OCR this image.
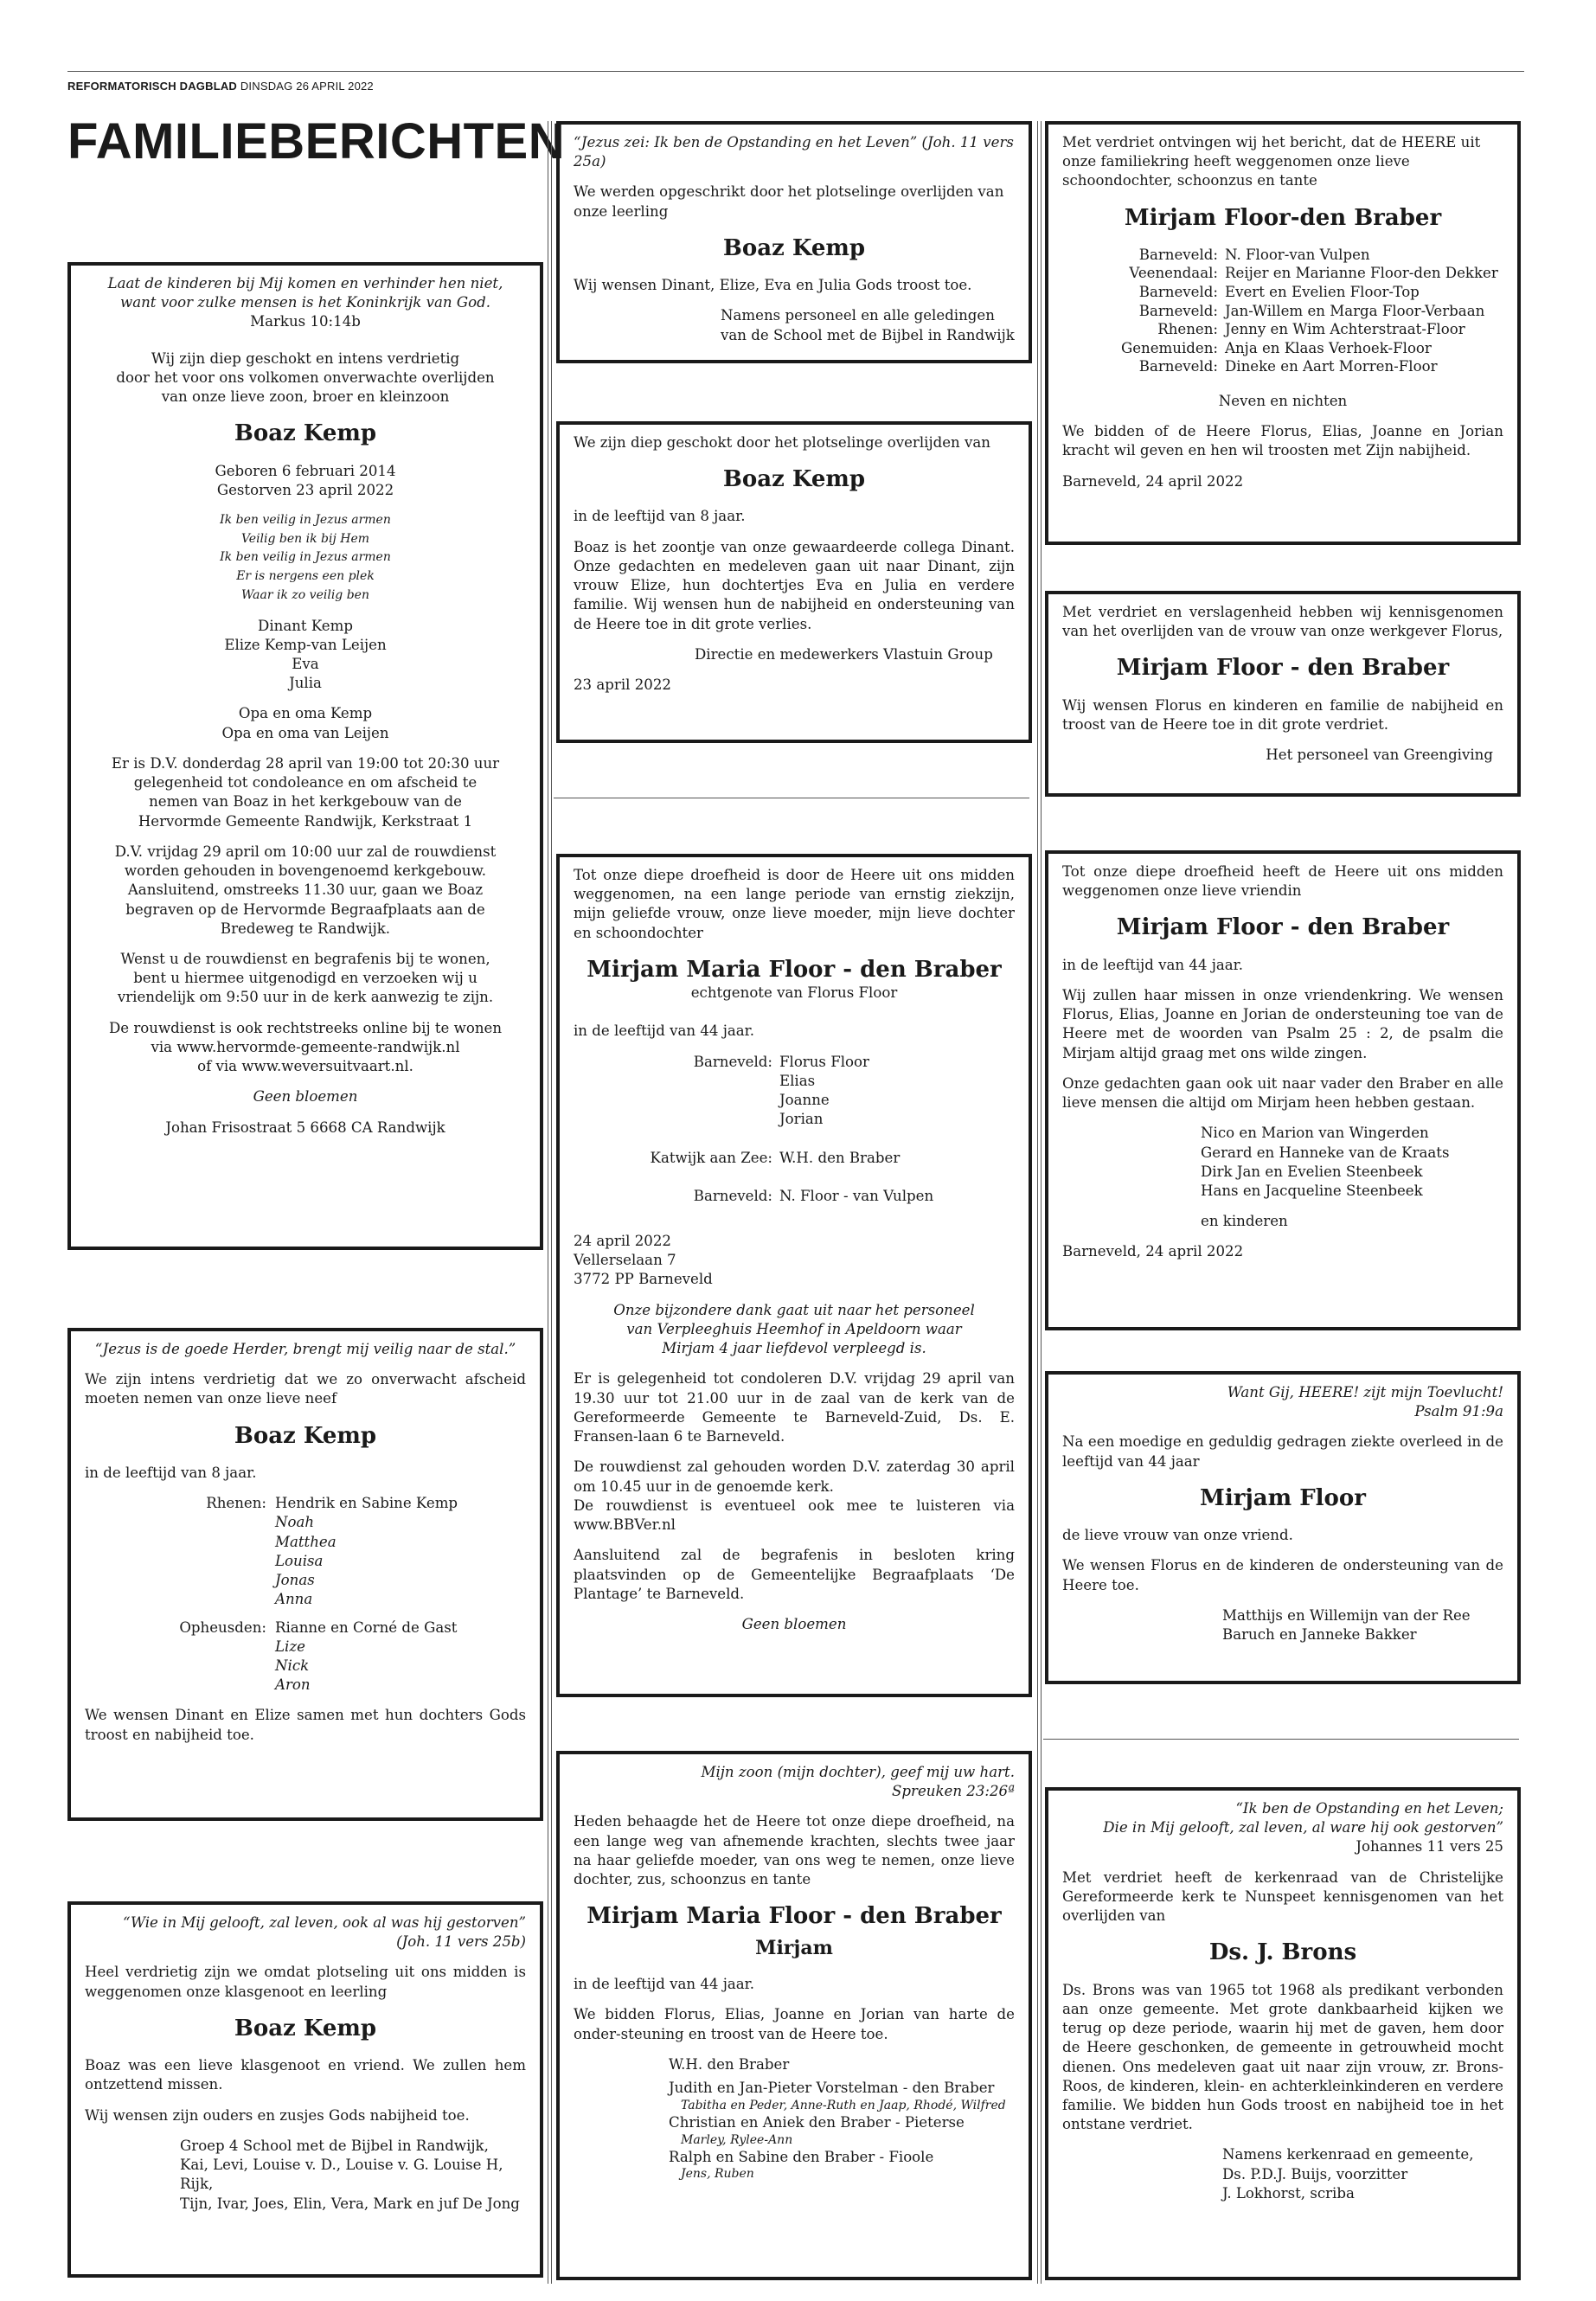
REFORMATORISCH DAGBLAD DINSDAG 26 APRIL 2022
FAMILIEBERICHTEN

Laat de kinderen bij Mij komen en verhinder hen niet,
want voor zulke mensen is het Koninkrijk van God.

Markus 10:14b

Wij zijn diep geschokt en intens verdrietig
door het voor ons volkomen onverwachte overlijden
van onze lieve zoon, broer en kleinzoon

Boaz Kemp

Geboren 6 februari 2014
Gestorven 23 april 2022

Ik ben veilig in Jezus armen
Veilig ben ik bij Hem
Ik ben veilig in Jezus armen
Er is nergens een plek
Waar ik zo veilig ben

Dinant Kemp
Elize Kemp-van Leijen
Eva
Julia

Opa en oma Kemp
Opa en oma van Leijen

Er is D.V. donderdag 28 april van 19:00 tot 20:30 uur
gelegenheid tot condoleance en om afscheid te
nemen van Boaz in het kerkgebouw van de
Hervormde Gemeente Randwijk, Kerkstraat 1

D.V. vrijdag 29 april om 10:00 uur zal de rouwdienst
worden gehouden in bovengenoemd kerkgebouw.
Aansluitend, omstreeks 11.30 uur, gaan we Boaz
begraven op de Hervormde Begraafplaats aan de
Bredeweg te Randwijk.

Wenst u de rouwdienst en begrafenis bij te wonen,
bent u hiermee uitgenodigd en verzoeken wij u
vriendelijk om 9:50 uur in de kerk aanwezig te zijn.

De rouwdienst is ook rechtstreeks online bij te wonen
via www.hervormde-gemeente-randwijk.nl
of via www.weversuitvaart.nl.

Geen bloemen

Johan Frisostraat 5 6668 CA Randwijk

“Jezus is de goede Herder, brengt mij veilig naar de stal.”

We zijn intens verdrietig dat we zo onverwacht afscheid moeten nemen van onze lieve neef

Boaz Kemp

in de leeftijd van 8 jaar.

Rhenen: Hendrik en Sabine Kemp
Noah
Matthea
Louisa
Jonas
Anna
Opheusden: Rianne en Corné de Gast
Lize
Nick
Aron

We wensen Dinant en Elize samen met hun dochters Gods troost en nabijheid toe.

“Wie in Mij gelooft, zal leven, ook al was hij gestorven”

(Joh. 11 vers 25b)

Heel verdrietig zijn we omdat plotseling uit ons midden is weggenomen onze klasgenoot en leerling

Boaz Kemp

Boaz was een lieve klasgenoot en vriend. We zullen hem ontzettend missen.

Wij wensen zijn ouders en zusjes Gods nabijheid toe.

Groep 4 School met de Bijbel in Randwijk,
Kai, Levi, Louise v. D., Louise v. G. Louise H, Rijk,
Tijn, Ivar, Joes, Elin, Vera, Mark en juf De Jong

“Jezus zei: Ik ben de Opstanding en het Leven” (Joh. 11 vers 25a)

We werden opgeschrikt door het plotselinge overlijden van onze leerling

Boaz Kemp

Wij wensen Dinant, Elize, Eva en Julia Gods troost toe.

Namens personeel en alle geledingen
van de School met de Bijbel in Randwijk

We zijn diep geschokt door het plotselinge overlijden van

Boaz Kemp

in de leeftijd van 8 jaar.

Boaz is het zoontje van onze gewaardeerde collega Dinant. Onze gedachten en medeleven gaan uit naar Dinant, zijn vrouw Elize, hun dochtertjes Eva en Julia en verdere familie. Wij wensen hun de nabijheid en ondersteuning van de Heere toe in dit grote verlies.

Directie en medewerkers Vlastuin Group

23 april 2022

Tot onze diepe droefheid is door de Heere uit ons midden weggenomen, na een lange periode van ernstig ziekzijn, mijn geliefde vrouw, onze lieve moeder, mijn lieve dochter en schoondochter

Mirjam Maria Floor - den Braber

echtgenote van Florus Floor

in de leeftijd van 44 jaar.

Barneveld: Florus Floor
Elias
Joanne
Jorian
Katwijk aan Zee: W.H. den Braber
Barneveld: N. Floor - van Vulpen

24 april 2022
Vellerselaan 7
3772 PP Barneveld

Onze bijzondere dank gaat uit naar het personeel
van Verpleeghuis Heemhof in Apeldoorn waar
Mirjam 4 jaar liefdevol verpleegd is.

Er is gelegenheid tot condoleren D.V. vrijdag 29 april van 19.30 uur tot 21.00 uur in de zaal van de kerk van de Gereformeerde Gemeente te Barneveld-Zuid, Ds. E. Fransen-laan 6 te Barneveld.

De rouwdienst zal gehouden worden D.V. zaterdag 30 april om 10.45 uur in de genoemde kerk.

De rouwdienst is eventueel ook mee te luisteren via www.BBVer.nl

Aansluitend zal de begrafenis in besloten kring plaatsvinden op de Gemeentelijke Begraafplaats ‘De Plantage’ te Barneveld.

Geen bloemen

Mijn zoon (mijn dochter), geef mij uw hart.

Spreuken 23:26ª

Heden behaagde het de Heere tot onze diepe droefheid, na een lange weg van afnemende krachten, slechts twee jaar na haar geliefde moeder, van ons weg te nemen, onze lieve dochter, zus, schoonzus en tante

Mirjam Maria Floor - den Braber
Mirjam

in de leeftijd van 44 jaar.

We bidden Florus, Elias, Joanne en Jorian van harte de onder-steuning en troost van de Heere toe.

W.H. den Braber
Judith en Jan-Pieter Vorstelman - den Braber
Tabitha en Peder, Anne-Ruth en Jaap, Rhodé, Wilfred
Christian en Aniek den Braber - Pieterse
Marley, Rylee-Ann
Ralph en Sabine den Braber - Fioole
Jens, Ruben

Met verdriet ontvingen wij het bericht, dat de HEERE uit onze familiekring heeft weggenomen onze lieve schoondochter, schoonzus en tante

Mirjam Floor-den Braber
Barneveld: N. Floor-van Vulpen
Veenendaal: Reijer en Marianne Floor-den Dekker
Barneveld: Evert en Evelien Floor-Top
Barneveld: Jan-Willem en Marga Floor-Verbaan
Rhenen: Jenny en Wim Achterstraat-Floor
Genemuiden: Anja en Klaas Verhoek-Floor
Barneveld: Dineke en Aart Morren-Floor

Neven en nichten

We bidden of de Heere Florus, Elias, Joanne en Jorian kracht wil geven en hen wil troosten met Zijn nabijheid.

Barneveld, 24 april 2022

Met verdriet en verslagenheid hebben wij kennisgenomen van het overlijden van de vrouw van onze werkgever Florus,

Mirjam Floor - den Braber

Wij wensen Florus en kinderen en familie de nabijheid en troost van de Heere toe in dit grote verdriet.

Het personeel van Greengiving

Tot onze diepe droefheid heeft de Heere uit ons midden weggenomen onze lieve vriendin

Mirjam Floor - den Braber

in de leeftijd van 44 jaar.

Wij zullen haar missen in onze vriendenkring. We wensen Florus, Elias, Joanne en Jorian de ondersteuning toe van de Heere met de woorden van Psalm 25 : 2, de psalm die Mirjam altijd graag met ons wilde zingen.

Onze gedachten gaan ook uit naar vader den Braber en alle lieve mensen die altijd om Mirjam heen hebben gestaan.

Nico en Marion van Wingerden
Gerard en Hanneke van de Kraats
Dirk Jan en Evelien Steenbeek
Hans en Jacqueline Steenbeek

en kinderen

Barneveld, 24 april 2022

Want Gij, HEERE! zijt mijn Toevlucht!

Psalm 91:9a

Na een moedige en geduldig gedragen ziekte overleed in de leeftijd van 44 jaar

Mirjam Floor

de lieve vrouw van onze vriend.

We wensen Florus en de kinderen de ondersteuning van de Heere toe.

Matthijs en Willemijn van der Ree
Baruch en Janneke Bakker

“Ik ben de Opstanding en het Leven;
Die in Mij gelooft, zal leven, al ware hij ook gestorven”

Johannes 11 vers 25

Met verdriet heeft de kerkenraad van de Christelijke Gereformeerde kerk te Nunspeet kennisgenomen van het overlijden van

Ds. J. Brons

Ds. Brons was van 1965 tot 1968 als predikant verbonden aan onze gemeente. Met grote dankbaarheid kijken we terug op deze periode, waarin hij met de gaven, hem door de Heere geschonken, de gemeente in getrouwheid mocht dienen. Ons medeleven gaat uit naar zijn vrouw, zr. Brons-Roos, de kinderen, klein- en achterkleinkinderen en verdere familie. We bidden hun Gods troost en nabijheid toe in het ontstane verdriet.

Namens kerkenraad en gemeente,
Ds. P.D.J. Buijs, voorzitter
J. Lokhorst, scriba
